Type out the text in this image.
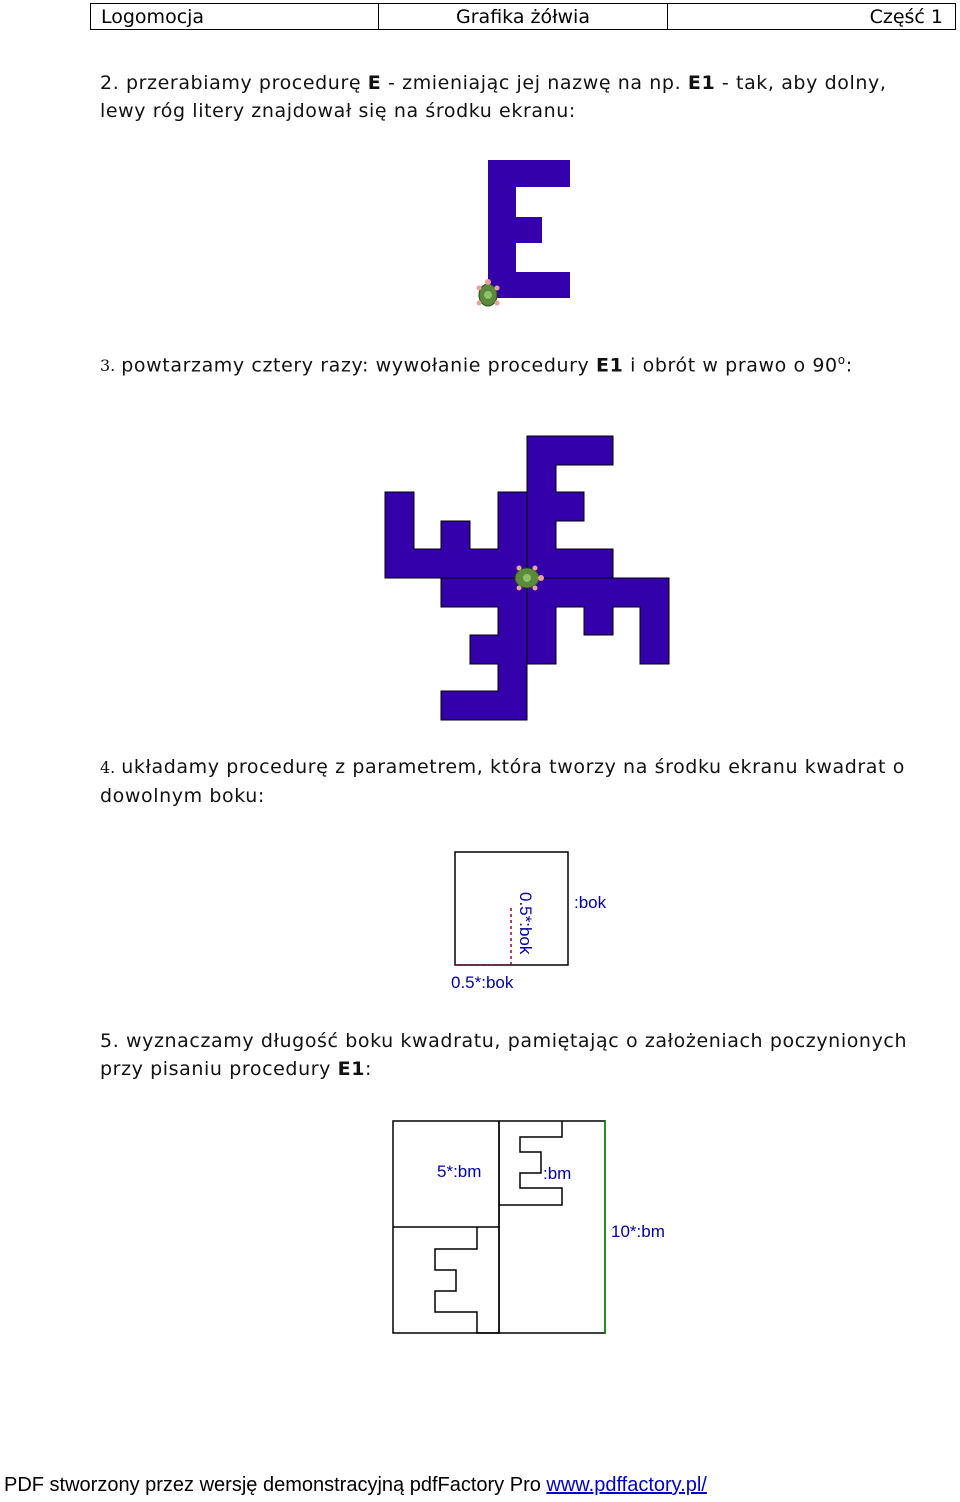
Logomocja	Grafika żółwia	Część 1
2. przerabiamy procedurę E - zmieniając jej nazwę na np. E1 - tak, aby dolny, lewy róg litery znajdował się na środku ekranu:
3. powtarzamy cztery razy: wywołanie procedury E1 i obrót w prawo o 90$^o$:
4. układamy procedurę z parametrem, która tworzy na środku ekranu kwadrat o dowolnym boku:
:bok
0.5*:bok
0.5*:bok
5. wyznaczamy długość boku kwadratu, pamiętając o założeniach poczynionych przy pisaniu procedury E1:
5*:bm	:bm
10*:bm
PDF stworzony przez wersję demonstracyjną pdfFactory Pro www.pdffactory.pl/
